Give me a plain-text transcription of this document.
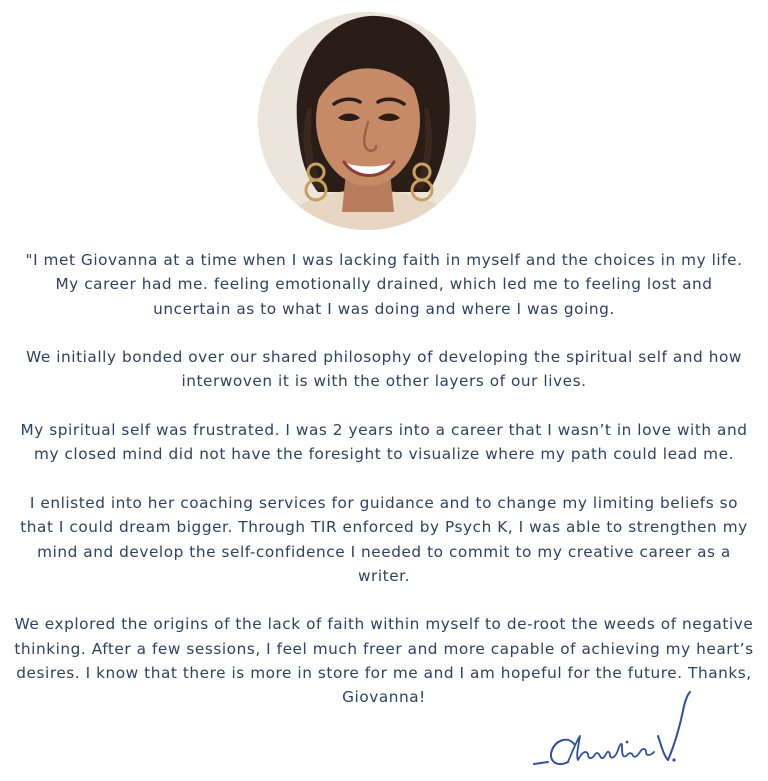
"I met Giovanna at a time when I was lacking faith in myself and the choices in my life. My career had me. feeling emotionally drained, which led me to feeling lost and uncertain as to what I was doing and where I was going.

We initially bonded over our shared philosophy of developing the spiritual self and how interwoven it is with the other layers of our lives.

My spiritual self was frustrated. I was 2 years into a career that I wasn’t in love with and my closed mind did not have the foresight to visualize where my path could lead me.

I enlisted into her coaching services for guidance and to change my limiting beliefs so that I could dream bigger. Through TIR enforced by Psych K, I was able to strengthen my mind and develop the self-confidence I needed to commit to my creative career as a writer.

We explored the origins of the lack of faith within myself to de-root the weeds of negative thinking. After a few sessions, I feel much freer and more capable of achieving my heart’s desires. I know that there is more in store for me and I am hopeful for the future. Thanks, Giovanna!
